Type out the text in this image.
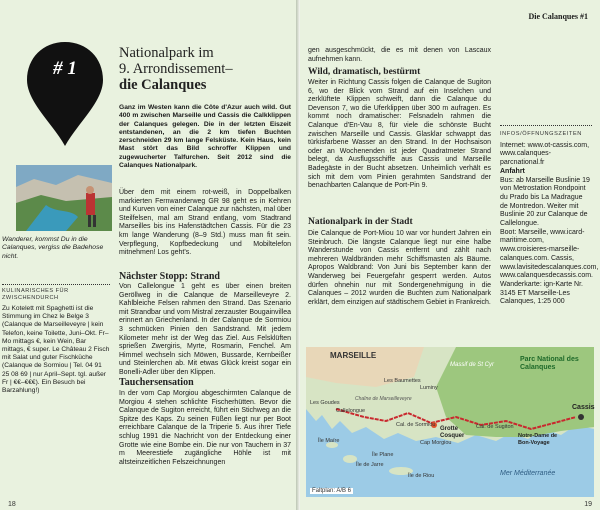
# 1
Nationalpark im
9. Arrondissement–
die Calanques
Ganz im Westen kann die Côte d'Azur auch wild. Gut 400 m zwischen Marseille und Cassis die Calkklippen der Calanques gelegen. Die in der letzten Eiszeit entstandenen, an die 2 km tiefen Buchten zerschneiden 29 km lange Felsküste. Kein Haus, kein Mast stört das Bild schroffer Klippen und zugewucherter Talfurchen. Seit 2012 sind die Calanques Nationalpark.
Wanderer, kommst Du in die Calanques, vergiss die Badehose nicht.
Über dem mit einem rot-weiß, in Doppelbalken markierten Fernwanderweg GR 98 geht es in Kehren und Kurven von einer Calanque zur nächsten, mal über Steilfelsen, mal am Strand entlang, vom Stadtrand Marseilles bis ins Hafenstädtchen Cassis. Für die 23 km lange Wanderung (8–9 Std.) muss man fit sein. Verpflegung, Kopfbedeckung und Mobiltelefon mitnehmen! Los geht's.
Nächster Stopp: Strand
Von Callelongue 1 geht es über einen breiten Geröllweg in die Calanque de Marseilleveyre 2. Kahlbleiche Felsen rahmen den Strand. Das Szenario mit Strandbar und vom Mistral zerzauster Bougainvillea erinnert an Griechenland. In der Calanque de Sormiou 3 schmücken Pinien den Sandstrand. Mit jedem Kilometer mehr ist der Weg das Ziel. Aus Felsklüften sprießen Zwergiris, Myrte, Rosmarin, Fenchel. Am Himmel wechseln sich Möwen, Bussarde, Kernbeißer und Steinlerchen ab. Mit etwas Glück kreist sogar ein Bonelli-Adler über den Klippen.
Tauchersensation
In der vom Cap Morgiou abgeschirmten Calanque de Morgiou 4 stehen schlichte Fischerhütten. Bevor die Calanque de Sugiton erreicht, führt ein Stichweg an die Spitze des Kaps. Zu seinen Füßen liegt nur per Boot erreichbare Calanque de la Triperie 5. Aus ihrer Tiefe schlug 1991 die Nachricht von der Entdeckung einer Grotte wie eine Bombe ein. Die nur von Tauchern in 37 m Meerestiefe zugängliche Höhle ist mit altsteinzeitlichen Felszeichnungen
KULINARISCHES FÜR ZWISCHENDURCH
Zu Kotelett mit Spaghetti ist die Stimmung im Chez le Belge 3 (Calanque de Marseilleveyre | kein Telefon, keine Toilette, Juni–Okt. Fr–Mo mittags €, kein Wein, Bar mittags, € super. Le Château 2 Fisch mit Salat und guter Fischküche (Calanque de Sormiou | Tel. 04 91 25 08 69 | nur April–Sept. tgl. außer Fr | €€–€€€). Ein Besuch bei Barzahlung!)
18
Die Calanques #1
gen ausgeschmückt, die es mit denen von Lascaux aufnehmen kann.
Wild, dramatisch, bestürmt
Weiter in Richtung Cassis folgen die Calanque de Sugiton 6, wo der Blick vom Strand auf ein Inselchen und zerklüftete Klippen schweift, dann die Calanque du Devenson 7, wo die Uferklippen über 300 m aufragen. Es kommt noch dramatischer: Felsnadeln rahmen die Calanque d'En-Vau 8, für viele die schönste Bucht zwischen Marseille und Cassis. Glasklar schwappt das türkisfarbene Wasser an den Strand. In der Hochsaison oder an Wochenenden ist jeder Quadratmeter Strand belegt, da Ausflugsschiffe aus Cassis und Marseille Badegäste in der Bucht absetzen. Unheimlich verhält es sich mit dem vom Pinien gerahmten Sandstrand der benachbarten Calanque de Port-Pin 9.
Nationalpark in der Stadt
Die Calanque de Port-Miou 10 war vor hundert Jahren ein Steinbruch. Die längste Calanque liegt nur eine halbe Wanderstunde von Cassis entfernt und zählt nach mehreren Waldbränden mehr Schiffsmasten als Bäume. Apropos Waldbrand: Von Juni bis September kann der Wanderweg bei Feuergefahr gesperrt werden. Autos dürfen ohnehin nur mit Sondergenehmigung in die Calanques – 2012 wurden die Buchten zum Nationalpark erklärt, dem einzigen auf städtischem Gebiet in Frankreich.
INFOS/ÖFFNUNGSZEITEN
Internet: www.ot-cassis.com, www.calanques-parcnational.fr
Anfahrt
Bus: ab Marseille Buslinie 19 von Metrostation Rondpoint du Prado bis La Madrague de Montredon. Weiter mit Buslinie 20 zur Calanque de Callelongue.
Boot: Marseille, www.icard-maritime.com, www.croisieres-marseille-calanques.com. Cassis, www.lavisitedescalanques.com, www.calanquesdecassis.com.
Wanderkarte: ign-Karte Nr. 3145 ET Marseille-Les Calanques, 1:25 000
MARSEILLE	Parc National des Calanques
Massif de St Cyr
Chaîne de Marseilleveyre
Luminy
Les Baumettes
Les Goudes
Callelongue
Cal. de Sormiou	Cal. de Sugiton
Cap Morgiou
Grotte Cosquer	Notre-Dame de Bon-Voyage
Cassis
Île Maïre
Île Plane
Île de Jarre
Île de Riou	Mer Méditerranée
Faltplan: A/B 6
19
